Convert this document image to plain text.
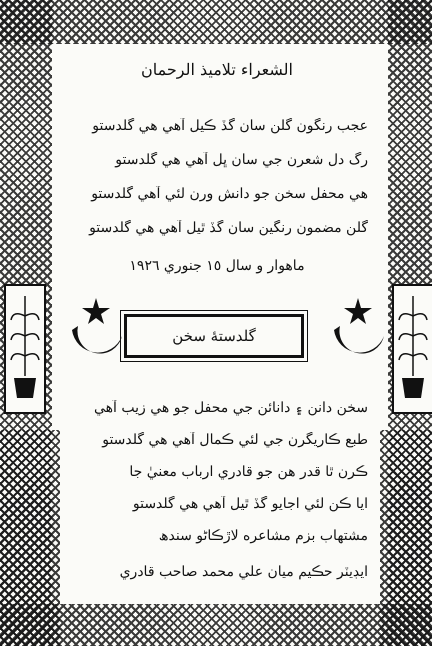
الشعراء تلاميذ الرحمان
عجب رنگون گلن سان گڏ ڪيل آهي هي گلدستو
رگ دل شعرن جي سان ڀل آهي هي گلدستو
هي محفل سخن جو دانش ورن لئي آهي گلدستو
گلن مضمون رنگين سان گڏ ٿيل آهي هي گلدستو
ماهوار و سال ١٥ جنوري ١٩٢٦
گلدستهٔ سخن
سخن دانن ۽ دانائن جي محفل جو هي زيب آهي
طبع ڪاريگرن جي لئي ڪمال آهي هي گلدستو
ڪرن ٿا قدر هن جو قادري ارباب معنيٰ جا
ايا ڪن لئي اجايو گڏ ٿيل آهي هي گلدستو
مشتهاب بزم مشاعره لاڙڪاڻو سندھ
ايڊيٽر حڪيم ميان علي محمد صاحب قادري
